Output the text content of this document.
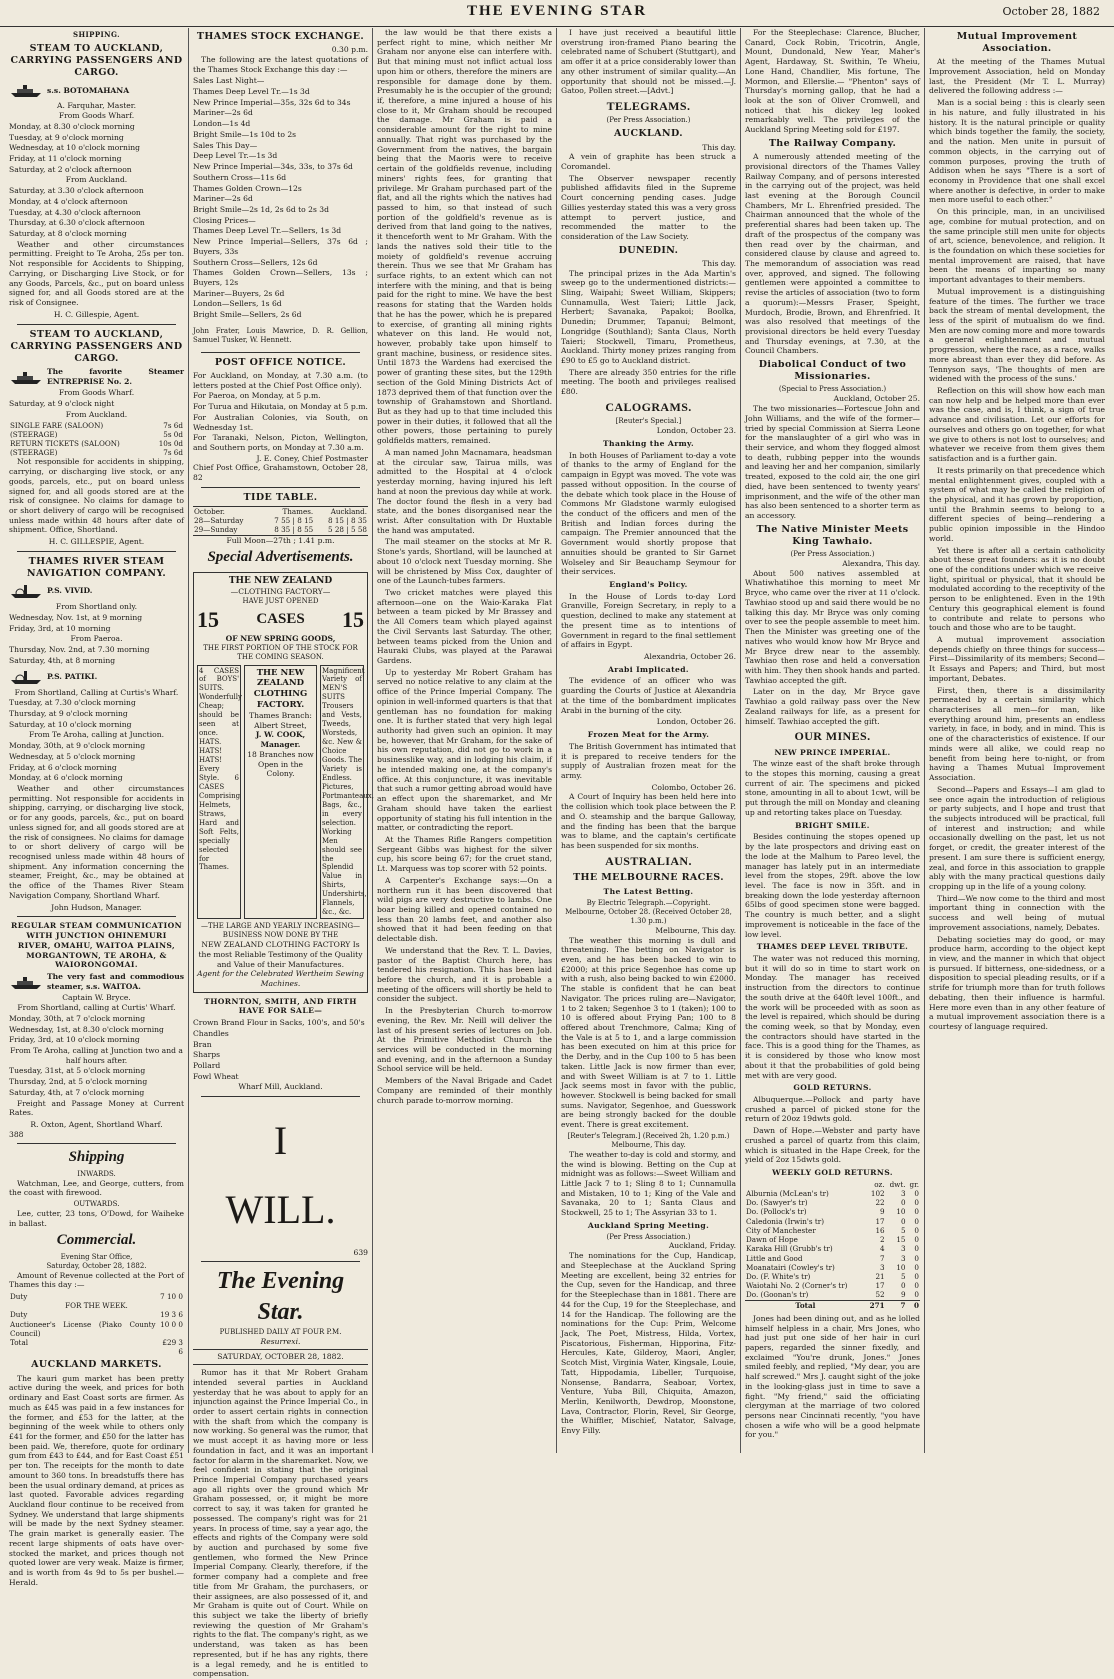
THE EVENING STAR	October 28, 1882
SHIPPING.
STEAM TO AUCKLAND, CARRYING PASSENGERS AND CARGO.
s.s. BOTOMAHANA
A. Farquhar, Master.

From Goods Wharf.

Monday, at 8.30 o'clock morning

Tuesday, at 9 o'clock morning

Wednesday, at 10 o'clock morning

Friday, at 11 o'clock morning

Saturday, at 2 o'clock afternoon

From Auckland.

Saturday, at 3.30 o'clock afternoon

Monday, at 4 o'clock afternoon

Tuesday, at 4.30 o'clock afternoon

Thursday, at 6.30 o'clock afternoon

Saturday, at 8 o'clock morning

Weather and other circumstances permitting. Freight to Te Aroha, 25s per ton. Not responsible for Accidents to Shipping, Carrying, or Discharging Live Stock, or for any Goods, Parcels, &c., put on board unless signed for, and all Goods stored are at the risk of Consignee.

H. C. Gillespie, Agent.
STEAM TO AUCKLAND, CARRYING PASSENGERS AND CARGO.
The favorite Steamer ENTREPRISE No. 2.

From Goods Wharf.

Saturday, at 9 o'clock night

From Auckland.

SINGLE FARE (SALOON)	7s 6d
(STEERAGE)	5s 0d
RETURN TICKETS (SALOON)	10s 0d
(STEERAGE)	7s 6d

Not responsible for accidents in shipping, carrying, or discharging live stock, or any goods, parcels, etc., put on board unless signed for, and all goods stored are at the risk of consignee. No claims for damage to or short delivery of cargo will be recognised unless made within 48 hours after date of shipment. Office, Shortland.

H. C. GILLESPIE, Agent.
THAMES RIVER STEAM NAVIGATION COMPANY.
P.S. VIVID.

From Shortland only.

Wednesday, Nov. 1st, at 9 morning

Friday, 3rd, at 10 morning

From Paeroa.

Thursday, Nov. 2nd, at 7.30 morning

Saturday, 4th, at 8 morning

P.S. PATIKI.

From Shortland, Calling at Curtis's Wharf.

Tuesday, at 7.30 o'clock morning

Thursday, at 9 o'clock morning

Saturday, at 10 o'clock morning

From Te Aroha, calling at Junction.

Monday, 30th, at 9 o'clock morning

Wednesday, at 5 o'clock morning

Friday, at 6 o'clock morning

Monday, at 6 o'clock morning

Weather and other circumstances permitting. Not responsible for accidents in shipping, carrying, or discharging live stock, or for any goods, parcels, &c., put on board unless signed for, and all goods stored are at the risk of consignees. No claims for damage to or short delivery of cargo will be recognised unless made within 48 hours of shipment. Any information concerning the steamer, Freight, &c., may be obtained at the office of the Thames River Steam Navigation Company, Shortland Wharf.

John Hudson, Manager.
REGULAR STEAM COMMUNICATION WITH JUNCTION OHINEMURI RIVER, OMAHU, WAITOA PLAINS, MORGANTOWN, TE AROHA, & WAIORONGOMAI.
The very fast and commodious steamer, s.s. WAITOA.
Captain W. Bryce.

From Shortland, calling at Curtis' Wharf.

Monday, 30th, at 7 o'clock morning

Wednesday, 1st, at 8.30 o'clock morning

Friday, 3rd, at 10 o'clock morning

From Te Aroha, calling at Junction two and a half hours after.

Tuesday, 31st, at 5 o'clock morning

Thursday, 2nd, at 5 o'clock morning

Saturday, 4th, at 7 o'clock morning

Freight and Passage Money at Current Rates.

R. Oxton, Agent, Shortland Wharf.
388
Shipping
INWARDS.

Watchman, Lee, and George, cutters, from the coast with firewood.

OUTWARDS.

Lee, cutter, 23 tons, O'Dowd, for Waiheke in ballast.

Commercial.
Evening Star Office,
Saturday, October 28, 1882.

Amount of Revenue collected at the Port of Thames this day :—

Duty	7 10 0
FOR THE WEEK.	
Duty	19 3 6
Auctioneer's License (Piako County Council)	10 0 0
Total	£29 3 6
AUCKLAND MARKETS.

The kauri gum market has been pretty active during the week, and prices for both ordinary and East Coast sorts are firmer. As much as £45 was paid in a few instances for the former, and £53 for the latter, at the beginning of the week while to others only £41 for the former, and £50 for the latter has been paid. We, therefore, quote for ordinary gum from £43 to £44, and for East Coast £51 per ton. The receipts for the month to date amount to 360 tons. In breadstuffs there has been the usual ordinary demand, at prices as last quoted. Favorable advices regarding Auckland flour continue to be received from Sydney. We understand that large shipments will be made by the next Sydney steamer. The grain market is generally easier. The recent large shipments of oats have over-stocked the market, and prices though not quoted lower are very weak. Maize is firmer, and is worth from 4s 9d to 5s per bushel.—Herald.

THAMES STOCK EXCHANGE.
0.30 p.m.

The following are the latest quotations of the Thames Stock Exchange this day :—

Sales Last Night—

Thames Deep Level Tr.—1s 3d

New Prince Imperial—35s, 32s 6d to 34s

Mariner—2s 6d

London—1s 4d

Bright Smile—1s 10d to 2s

Sales This Day—

Deep Level Tr.—1s 3d

New Prince Imperial—34s, 33s, to 37s 6d

Southern Cross—11s 6d

Thames Golden Crown—12s

Mariner—2s 6d

Bright Smile—2s 1d, 2s 6d to 2s 3d

Closing Prices—

Thames Deep Level Tr.—Sellers, 1s 3d

New Prince Imperial—Sellers, 37s 6d ; Buyers, 33s

Southern Cross—Sellers, 12s 6d

Thames Golden Crown—Sellers, 13s ; Buyers, 12s

Mariner—Buyers, 2s 6d

London—Sellers, 1s 6d

Bright Smile—Sellers, 2s 6d

John Frater, Louis Mawrice, D. R. Gellion, Samuel Tusker, W. Hennett.

POST OFFICE NOTICE.

For Auckland, on Monday, at 7.30 a.m. (to letters posted at the Chief Post Office only).

For Paeroa, on Monday, at 5 p.m.

For Turua and Hikutaia, on Monday at 5 p.m.

For Australian Colonies, via South, on Wednesday 1st.

For Taranaki, Nelson, Picton, Wellington, and Southern ports, on Monday at 7.30 a.m.

J. E. Coney, Chief Postmaster
Chief Post Office, Grahamstown, October 28, 82
TIDE TABLE.
October.	Thames.	Auckland.
28—Saturday	7 55 | 8 15	8 15 | 8 35
29—Sunday	8 35 | 8 55	5 28 | 5 58
Full Moon—27th ; 1.41 p.m.
Special Advertisements.
THE NEW ZEALAND
—CLOTHING FACTORY—
HAVE JUST OPENED
15 CASES 15
OF NEW SPRING GOODS,
THE FIRST PORTION OF THE STOCK FOR THE COMING SEASON.
4 CASES of BOYS' SUITS. Wonderfully Cheap; should be seen at once. HATS. HATS! HATS! Every Style. 6 CASES Comprising Helmets, Straws, Hard and Soft Felts, specially selected for Thames.
THE NEW ZEALAND CLOTHING FACTORY.
Thames Branch: Albert Street,
J. W. COOK, Manager.
18 Branches now Open in the Colony.
Magnificent Variety of MEN'S SUITS Trousers and Vests, Tweeds, Worsteds, &c. New & Choice Goods. The Variety is Endless. Pictures, Portmanteaux, Bags, &c., in every selection. Working Men should see the Splendid Value in Shirts, Undershirts, Flannels, &c., &c.
—THE LARGE AND YEARLY INCREASING— BUSINESS NOW DONE BY THE
NEW ZEALAND CLOTHING FACTORY Is the most Reliable Testimony of the Quality and Value of their Manufactures.
Agent for the Celebrated Wertheim Sewing Machines.
THORNTON, SMITH, AND FIRTH HAVE FOR SALE—

Crown Brand Flour in Sacks, 100's, and 50's

Chandles

Bran

Sharps

Pollard

Fowl Wheat

Wharf Mill, Auckland.
I
WILL.
639
The Evening Star.
PUBLISHED DAILY AT FOUR P.M.
Resurrexi.
SATURDAY, OCTOBER 28, 1882.

Rumor has it that Mr Robert Graham intended several parties in Auckland yesterday that he was about to apply for an injunction against the Prince Imperial Co., in order to assert certain rights in connection with the shaft from which the company is now working. So general was the rumor, that we must accept it as having more or less foundation in fact, and it was an important factor for alarm in the sharemarket. Now, we feel confident in stating that the original Prince Imperial Company purchased years ago all rights over the ground which Mr Graham possessed, or, it might be more correct to say, it was taken for granted he possessed. The company's right was for 21 years. In process of time, say a year ago, the effects and rights of the Company were sold by auction and purchased by some five gentlemen, who formed the New Prince Imperial Company. Clearly, therefore, if the former company had a complete and free title from Mr Graham, the purchasers, or their assignees, are also possessed of it, and Mr Graham is quite out of Court. While on this subject we take the liberty of briefly reviewing the question of Mr Graham's rights to the flat. The company's right, as we understand, was taken as has been represented, but if he has any rights, there is a legal remedy, and he is entitled to compensation.

the law would be that there exists a perfect right to mine, which neither Mr Graham nor anyone else can interfere with. But that mining must not inflict actual loss upon him or others, therefore the miners are responsible for damage done by them. Presumably he is the occupier of the ground; if, therefore, a mine injured a house of his close to it, Mr Graham should be recouped the damage. Mr Graham is paid a considerable amount for the right to mine annually. That right was purchased by the Government from the natives, the bargain being that the Maoris were to receive certain of the goldfields revenue, including miners' rights fees, for granting that privilege. Mr Graham purchased part of the flat, and all the rights which the natives had passed to him, so that instead of such portion of the goldfield's revenue as is derived from that land going to the natives, it thenceforth went to Mr Graham. With the lands the natives sold their title to the moiety of goldfield's revenue accruing therein. Thus we see that Mr Graham has surface rights, to an extent which can not interfere with the mining, and that is being paid for the right to mine. We have the best reasons for stating that the Warden holds that he has the power, which he is prepared to exercise, of granting all mining rights whatever on this land. He would not, however, probably take upon himself to grant machine, business, or residence sites. Until 1873 the Wardens had exercised the power of granting these sites, but the 129th section of the Gold Mining Districts Act of 1873 deprived them of that function over the township of Grahamstown and Shortland. But as they had up to that time included this power in their duties, it followed that all the other powers, those pertaining to purely goldfields matters, remained.

A man named John Macnamara, headsman at the circular saw, Tairua mills, was admitted to the Hospital at 4 o'clock yesterday morning, having injured his left hand at noon the previous day while at work. The doctor found the flesh in a very bad state, and the bones disorganised near the wrist. After consultation with Dr Huxtable the hand was amputated.

The mail steamer on the stocks at Mr R. Stone's yards, Shortland, will be launched at about 10 o'clock next Tuesday morning. She will be christened by Miss Cox, daughter of one of the Launch-tubes farmers.

Two cricket matches were played this afternoon—one on the Waio-Karaka Flat between a team picked by Mr Brassey and the All Comers team which played against the Civil Servants last Saturday. The other, between teams picked from the Union and Hauraki Clubs, was played at the Parawai Gardens.

Up to yesterday Mr Robert Graham has served no notice relative to any claim at the office of the Prince Imperial Company. The opinion in well-informed quarters is that that gentleman has no foundation for making one. It is further stated that very high legal authority had given such an opinion. It may be, however, that Mr Graham, for the sake of his own reputation, did not go to work in a businesslike way, and in lodging his claim, if he intended making one, at the company's office. At this conjuncture, it was inevitable that such a rumor getting abroad would have an effect upon the sharemarket, and Mr Graham should have taken the earliest opportunity of stating his full intention in the matter, or contradicting the report.

At the Thames Rifle Rangers competition Sergeant Gibbs was highest for the silver cup, his score being 67; for the cruet stand, Lt. Marquess was top scorer with 52 points.

A Carpenter's Exchange says:—On a northern run it has been discovered that wild pigs are very destructive to lambs. One boar being killed and opened contained no less than 20 lambs feet, and another also showed that it had been feeding on that delectable dish.

We understand that the Rev. T. L. Davies, pastor of the Baptist Church here, has tendered his resignation. This has been laid before the church, and it is probable a meeting of the officers will shortly be held to consider the subject.

In the Presbyterian Church to-morrow evening, the Rev. Mr. Neill will deliver the last of his present series of lectures on Job. At the Primitive Methodist Church the services will be conducted in the morning and evening, and in the afternoon a Sunday School service will be held.

Members of the Naval Brigade and Cadet Company are reminded of their monthly church parade to-morrow morning.

I have just received a beautiful little overstrung iron-framed Piano bearing the celebrated name of Schubert (Stuttgart), and am offer it at a price considerably lower than any other instrument of similar quality.—An opportunity that should not be missed.—J. Gatoo, Pollen street.—[Advt.]

TELEGRAMS.
(Per Press Association.)
AUCKLAND.
This day.

A vein of graphite has been struck a Coromandel.

The Observer newspaper recently published affidavits filed in the Supreme Court concerning pending cases. Judge Gillies yesterday stated this was a very gross attempt to pervert justice, and recommended the matter to the consideration of the Law Society.

DUNEDIN.
This day.

The principal prizes in the Ada Martin's sweep go to the undermentioned districts:—Sling, Waipahi; Sweet William, Skippers; Cunnamulla, West Taieri; Little Jack, Herbert; Savanaka, Papakoi; Boolka, Dunedin; Drummer, Tapanui; Belmont, Longridge (Southland); Santa Claus, North Taieri; Stockwell, Timaru, Prometheus, Auckland. Thirty money prizes ranging from £90 to £5 go to Auckland district.

There are already 350 entries for the rifle meeting. The booth and privileges realised £80.

CALOGRAMS.
[Reuter's Special.]
London, October 23.
Thanking the Army.

In both Houses of Parliament to-day a vote of thanks to the army of England for the campaign in Egypt was moved. The vote was passed without opposition. In the course of the debate which took place in the House of Commons Mr Gladstone warmly eulogised the conduct of the officers and men of the British and Indian forces during the campaign. The Premier announced that the Government would shortly propose that annuities should be granted to Sir Garnet Wolseley and Sir Beauchamp Seymour for their services.

England's Policy.

In the House of Lords to-day Lord Granville, Foreign Secretary, in reply to a question, declined to make any statement at the present time as to intentions of Government in regard to the final settlement of affairs in Egypt.

Alexandria, October 26.
Arabi Implicated.

The evidence of an officer who was guarding the Courts of Justice at Alexandria at the time of the bombardment implicates Arabi in the burning of the city.

London, October 26.
Frozen Meat for the Army.

The British Government has intimated that it is prepared to receive tenders for the supply of Australian frozen meat for the army.

Colombo, October 26.

A Court of Inquiry has been held here into the collision which took place between the P. and O. steamship and the barque Galloway, and the finding has been that the barque was to blame, and the captain's certificate has been suspended for six months.

AUSTRALIAN.
THE MELBOURNE RACES.
The Latest Betting.
By Electric Telegraph.—Copyright.
Melbourne, October 28. (Received October 28, 1.30 p.m.)
Melbourne, This day.

The weather this morning is dull and threatening. The betting on Navigator is even, and he has been backed to win to £2000; at this price Segenhoe has come up with a rush, also being backed to win £2000. The stable is confident that he can beat Navigator. The prices ruling are—Navigator, 1 to 2 taken; Segenhoe 3 to 1 (taken); 100 to 10 is offered about Frying Pan; 100 to 8 offered about Trenchmore, Calma; King of the Vale is at 5 to 1, and a large commission has been executed on him at this price for the Derby, and in the Cup 100 to 5 has been taken. Little Jack is now firmer than ever, and with Sweet William is at 7 to 1. Little Jack seems most in favor with the public, however. Stockwell is being backed for small sums. Navigator, Segenhoe, and Guesswork are being strongly backed for the double event. There is great excitement.

[Reuter's Telegram.] (Received 2h, 1.20 p.m.) Melbourne, This day.

The weather to-day is cold and stormy, and the wind is blowing. Betting on the Cup at midnight was as follows:—Sweet William and Little Jack 7 to 1; Sling 8 to 1; Cunnamulla and Mistaken, 10 to 1; King of the Vale and Savanaka, 20 to 1; Santa Claus and Stockwell, 25 to 1; The Assyrian 33 to 1.

Auckland Spring Meeting.
(Per Press Association.)
Auckland, Friday.

The nominations for the Cup, Handicap, and Steeplechase at the Auckland Spring Meeting are excellent, being 32 entries for the Cup, seven for the Handicap, and three for the Steeplechase than in 1881. There are 44 for the Cup, 19 for the Steeplechase, and 14 for the Handicap. The following are the nominations for the Cup: Prim, Welcome Jack, The Poet, Mistress, Hilda, Vortex, Piscatorious, Fisherman, Hipporina, Fitz-Hercules, Kate, Gilderoy, Maori, Angler, Scotch Mist, Virginia Water, Kingsale, Louie, Tatt, Hippodamia, Libeller, Turquoise, Nonsense, Bandarra, Seaboar, Vortex, Venture, Yuba Bill, Chiquita, Amazon, Merlin, Kenilworth, Dewdrop, Moonstone, Lava, Contractor, Florin, Revel, Sir George, the Whiffler, Mischief, Natator, Salvage, Envy Filly.

For the Steeplechase: Clarence, Blucher, Canard, Cock Robin, Tricotrin, Angle, Mount, Dundonald, New Year, Maher's Agent, Hardaway, St. Swithin, Te Wheiu, Lone Hand, Chandlier, Mis fortune, The Mormon, and Ellerslie.— "Phenton" says of Thursday's morning gallop, that he had a look at the son of Oliver Cromwell, and noticed that his dickey leg looked remarkably well. The privileges of the Auckland Spring Meeting sold for £197.

The Railway Company.

A numerously attended meeting of the provisional directors of the Thames Valley Railway Company, and of persons interested in the carrying out of the project, was held last evening at the Borough Council Chambers, Mr L. Ehrenfried presided. The Chairman announced that the whole of the preferential shares had been taken up. The draft of the prospectus of the company was then read over by the chairman, and considered clause by clause and agreed to. The memorandum of association was read over, approved, and signed. The following gentlemen were appointed a committee to revise the articles of association (two to form a quorum):—Messrs Fraser, Speight, Murdoch, Brodie, Brown, and Ehrenfried. It was also resolved that meetings of the provisional directors be held every Tuesday and Thursday evenings, at 7.30, at the Council Chambers.

Diabolical Conduct of two Missionaries.
(Special to Press Association.)
Auckland, October 25.

The two missionaries—Fortescue John and John Williams, and the wife of the former—tried by special Commission at Sierra Leone for the manslaughter of a girl who was in their service, and whom they flogged almost to death, rubbing pepper into the wounds and leaving her and her companion, similarly treated, exposed to the cold air, the one girl died, have been sentenced to twenty years' imprisonment, and the wife of the other man has also been sentenced to a shorter term as an accessory.

The Native Minister Meets King Tawhaio.
(Per Press Association.)
Alexandra, This day.

About 500 natives assembled at Whatiwhatihoe this morning to meet Mr Bryce, who came over the river at 11 o'clock. Tawhiao stood up and said there would be no talking this day. Mr Bryce was only coming over to see the people assemble to meet him. Then the Minister was greeting one of the natives who would know how Mr Bryce and Mr Bryce drew near to the assembly. Tawhiao then rose and held a conversation with him. They then shook hands and parted. Tawhiao accepted the gift.

Later on in the day, Mr Bryce gave Tawhiao a gold railway pass over the New Zealand railways for life, as a present for himself. Tawhiao accepted the gift.

OUR MINES.
NEW PRINCE IMPERIAL.

The winze east of the shaft broke through to the stopes this morning, causing a great current of air. The specimens and picked stone, amounting in all to about 1cwt, will be put through the mill on Monday and cleaning up and retorting takes place on Tuesday.

BRIGHT SMILE.

Besides continuing the stopes opened up by the late prospectors and driving east on the lode at the Malhum to Pareo level, the manager has lately put in an intermediate level from the stopes, 29ft. above the low level. The face is now in 35ft. and in breaking down the lode yesterday afternoon 65lbs of good specimen stone were bagged. The country is much better, and a slight improvement is noticeable in the face of the low level.

THAMES DEEP LEVEL TRIBUTE.

The water was not reduced this morning, but it will do so in time to start work on Monday. The manager has received instruction from the directors to continue the south drive at the 640ft level 100ft., and the work will be proceeded with as soon as the level is repaired, which should be during the coming week, so that by Monday, even the contractors should have started in the face. This is a good thing for the Thames, as it is considered by those who know most about it that the probabilities of gold being met with are very good.

GOLD RETURNS.

Albuquerque.—Pollock and party have crushed a parcel of picked stone for the return of 20oz 19dwts gold.

Dawn of Hope.—Webster and party have crushed a parcel of quartz from this claim, which is situated in the Hape Creek, for the yield of 2oz 15dwts gold.

WEEKLY GOLD RETURNS.
	oz.	dwt.	gr.
Alburnia (McLean's tr)	102	3	0
Do. (Sawyer's tr)	22	0	0
Do. (Pollock's tr)	9	10	0
Caledonia (Irwin's tr)	17	0	0
City of Manchester	16	5	0
Dawn of Hope	2	15	0
Karaka Hill (Grubb's tr)	4	3	0
Little and Good	7	3	0
Moanatairi (Cowley's tr)	3	10	0
Do. (F. White's tr)	21	5	0
Waiotahi No. 2 (Corner's tr)	17	0	0
Do. (Goonan's tr)	52	9	0
Total	271	7	0

Jones had been dining out, and as he lolled himself helpless in a chair, Mrs Jones, who had just put one side of her hair in curl papers, regarded the sinner fixedly, and exclaimed "You're drunk, Jones." Jones smiled feebly, and replied, "My dear, you are half screwed." Mrs J. caught sight of the joke in the looking-glass just in time to save a fight. "My friend," said the officiating clergyman at the marriage of two colored persons near Cincinnati recently, "you have chosen a wife who will be a good helpmate for you."

Mutual Improvement Association.

At the meeting of the Thames Mutual Improvement Association, held on Monday last, the President (Mr T. L. Murray) delivered the following address :—

Man is a social being : this is clearly seen in his nature, and fully illustrated in his history. It is the natural principle or quality which binds together the family, the society, and the nation. Men unite in pursuit of common objects, in the carrying out of common purposes, proving the truth of Addison when he says "There is a sort of economy in Providence that one shall excel where another is defective, in order to make men more useful to each other."

On this principle, man, in an uncivilised age, combine for mutual protection, and on the same principle still men unite for objects of art, science, benevolence, and religion. It is the foundation on which these societies for mental improvement are raised, that have been the means of imparting so many important advantages to their members.

Mutual improvement is a distinguishing feature of the times. The further we trace back the stream of mental development, the less of the spirit of mutualism do we find. Men are now coming more and more towards a general enlightenment and mutual progression, where the race, as a race, walks more abreast than ever they did before. As Tennyson says, 'The thoughts of men are widened with the process of the suns.'

Reflection on this will show how each man can now help and be helped more than ever was the case, and is, I think, a sign of true advance and civilisation. Let our efforts for ourselves and others go on together, for what we give to others is not lost to ourselves; and whatever we receive from them gives them satisfaction and is a further gain.

It rests primarily on that precedence which mental enlightenment gives, coupled with a system of what may be called the religion of the physical, and it has grown by proportion, until the Brahmin seems to belong to a different species of being—rendering a public opinion impossible in the Hindoo world.

Yet there is after all a certain catholicity about these great founders: as it is no doubt one of the conditions under which we receive light, spiritual or physical, that it should be modulated according to the receptivity of the person to be enlightened. Even in the 19th Century this geographical element is found to contribute and relate to persons who touch and those who are to be taught.

A mutual improvement association depends chiefly on three things for success—First—Dissimilarity of its members; Second—It Essays and Papers; and Third, but most important, Debates.

First, then, there is a dissimilarity permeated by a certain similarity which characterises all men—for man, like everything around him, presents an endless variety, in face, in body, and in mind. This is one of the characteristics of existence. If our minds were all alike, we could reap no benefit from being here to-night, or from having a Thames Mutual Improvement Association.

Second—Papers and Essays—I am glad to see once again the introduction of religious or party subjects, and I hope and trust that the subjects introduced will be practical, full of interest and instruction; and while occasionally dwelling on the past, let us not forget, or credit, the greater interest of the present. I am sure there is sufficient energy, zeal, and force in this association to grapple ably with the many practical questions daily cropping up in the life of a young colony.

Third—We now come to the third and most important thing in connection with the success and well being of mutual improvement associations, namely, Debates.

Debating societies may do good, or may produce harm, according to the object kept in view, and the manner in which that object is pursued. If bitterness, one-sidedness, or a disposition to special pleading results, or if a strife for triumph more than for truth follows debating, then their influence is harmful. Here more even than in any other feature of a mutual improvement association there is a courtesy of language required.
